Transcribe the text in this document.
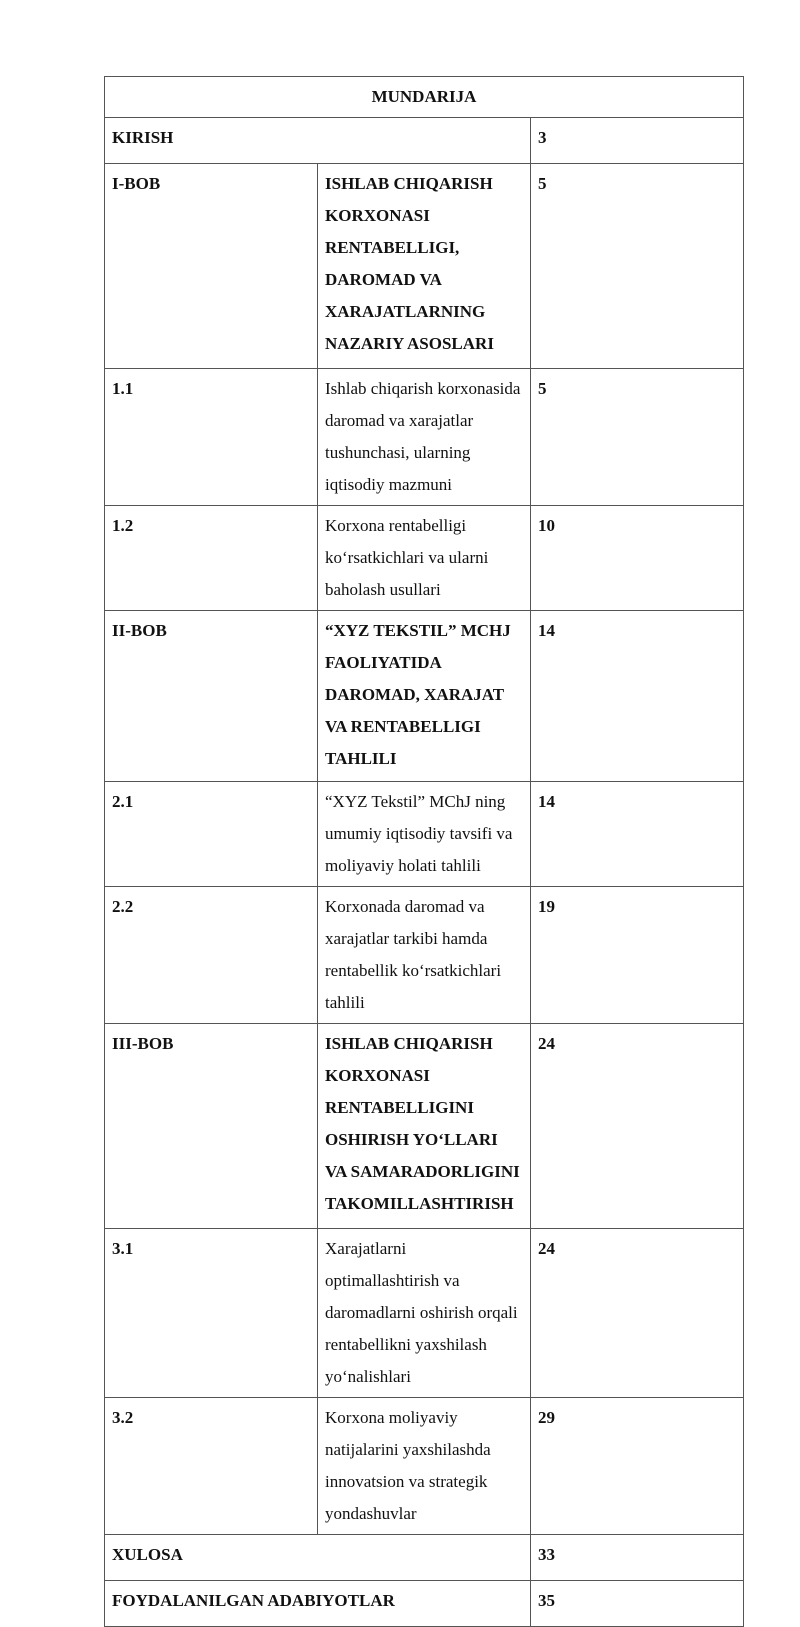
MUNDARIJA		
KIRISH		3
I-BOB	ISHLAB CHIQARISH KORXONASI RENTABELLIGI, DAROMAD VA XARAJATLARNING NAZARIY ASOSLARI	5
1.1	Ishlab chiqarish korxonasida daromad va xarajatlar tushunchasi, ularning iqtisodiy mazmuni	5
1.2	Korxona rentabelligi koʻrsatkichlari va ularni baholash usullari	10
II-BOB	“XYZ TEKSTIL” MCHJ FAOLIYATIDA DAROMAD, XARAJAT VA RENTABELLIGI TAHLILI	14
2.1	“XYZ Tekstil” MChJ ning umumiy iqtisodiy tavsifi va moliyaviy holati tahlili	14
2.2	Korxonada daromad va xarajatlar tarkibi hamda rentabellik koʻrsatkichlari tahlili	19
III-BOB	ISHLAB CHIQARISH KORXONASI RENTABELLIGINI OSHIRISH YOʻLLARI VA SAMARADORLIGINI TAKOMILLASHTIRISH	24
3.1	Xarajatlarni optimallashtirish va daromadlarni oshirish orqali rentabellikni yaxshilash yoʻnalishlari	24
3.2	Korxona moliyaviy natijalarini yaxshilashda innovatsion va strategik yondashuvlar	29
XULOSA		33
FOYDALANILGAN ADABIYOTLAR		35
